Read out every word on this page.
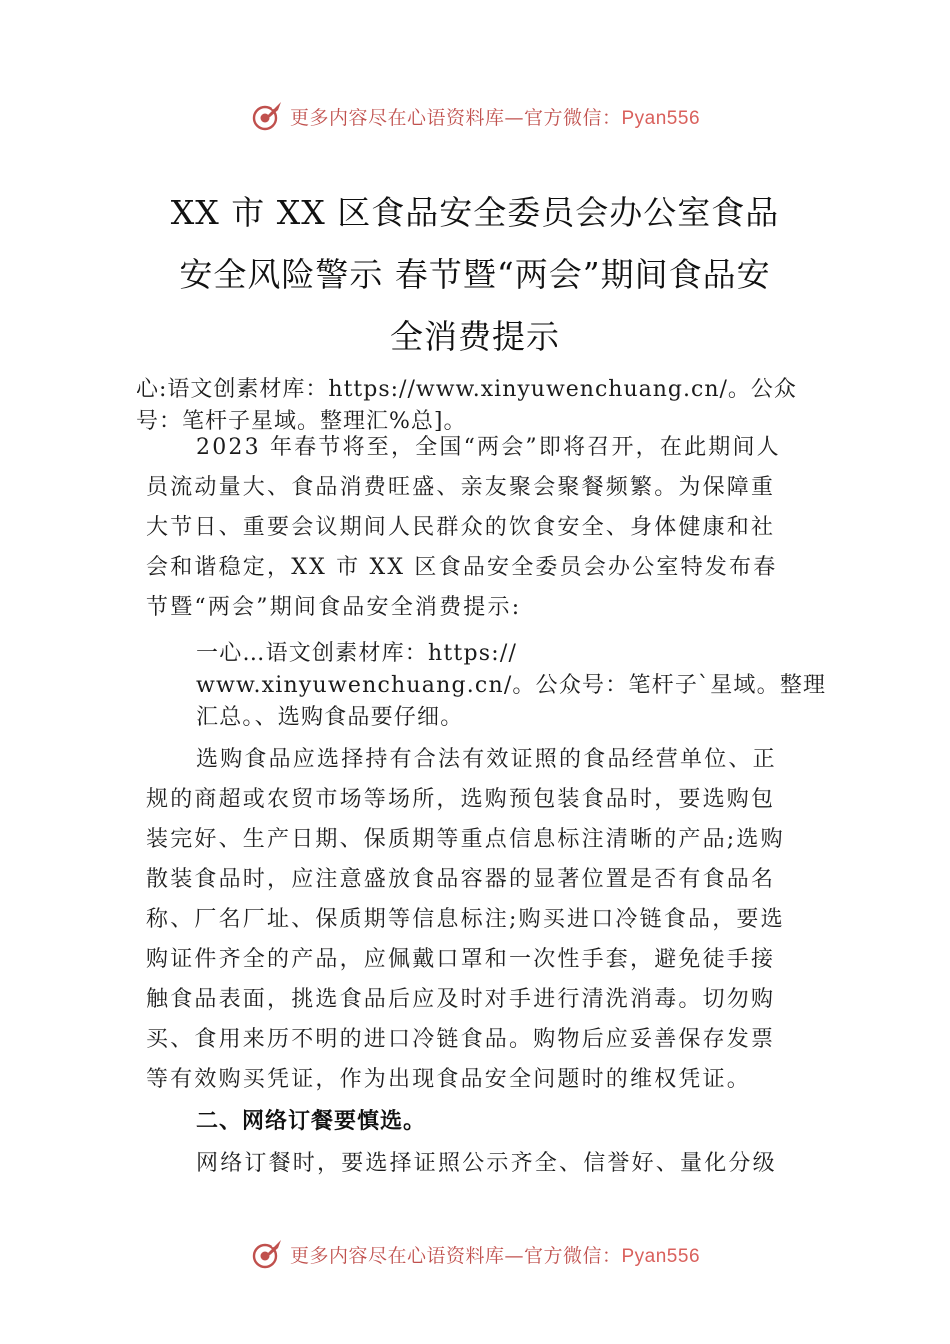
更多内容尽在心语资料库—官方微信：Pyan556
XX 市 XX 区食品安全委员会办公室食品
安全风险警示 春节暨“两会”期间食品安
全消费提示
心:语文创素材库：https://www.xinyuwenchuang.cn/。公众
号：笔杆子星域。整理汇%总]。
2023 年春节将至，全国“两会”即将召开，在此期间人
员流动量大、食品消费旺盛、亲友聚会聚餐频繁。为保障重
大节日、重要会议期间人民群众的饮食安全、身体健康和社
会和谐稳定，XX 市 XX 区食品安全委员会办公室特发布春
节暨“两会”期间食品安全消费提示:
一心…语文创素材库：https://
www.xinyuwenchuang.cn/。公众号：笔杆子`星域。整理
汇总。、选购食品要仔细。
选购食品应选择持有合法有效证照的食品经营单位、正
规的商超或农贸市场等场所，选购预包装食品时，要选购包
装完好、生产日期、保质期等重点信息标注清晰的产品;选购
散装食品时，应注意盛放食品容器的显著位置是否有食品名
称、厂名厂址、保质期等信息标注;购买进口冷链食品，要选
购证件齐全的产品，应佩戴口罩和一次性手套，避免徒手接
触食品表面，挑选食品后应及时对手进行清洗消毒。切勿购
买、食用来历不明的进口冷链食品。购物后应妥善保存发票
等有效购买凭证，作为出现食品安全问题时的维权凭证。
二、网络订餐要慎选。
网络订餐时，要选择证照公示齐全、信誉好、量化分级
更多内容尽在心语资料库—官方微信：Pyan556
